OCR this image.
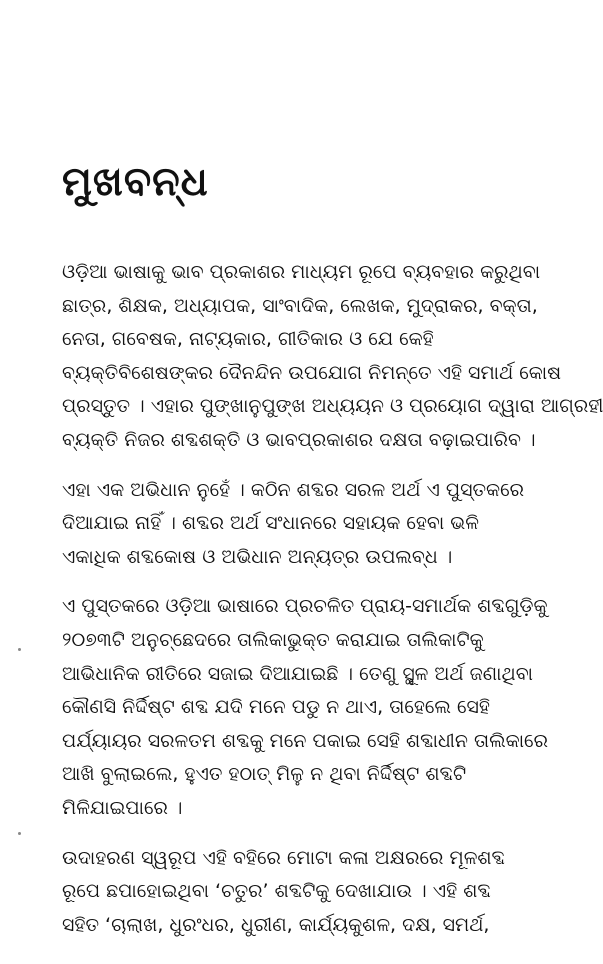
ମୁଖବନ୍ଧ

ଓଡ଼ିଆ ଭାଷାକୁ ଭାବ ପ୍ରକାଶର ମାଧ୍ୟମ ରୂପେ ବ୍ୟବହାର କରୁଥିବା
ଛାତ୍ର, ଶିକ୍ଷକ, ଅଧ୍ୟାପକ, ସାଂବାଦିକ, ଲେଖକ, ମୁଦ୍ରାକର, ବକ୍ତା,
ନେତା, ଗବେଷକ, ନାଟ୍ୟକାର, ଗୀତିକାର ଓ ଯେ କେହି
ବ୍ୟକ୍ତିବିଶେଷଙ୍କର ଦୈନନ୍ଦିନ ଉପଯୋଗ ନିମନ୍ତେ ଏହି ସମାର୍ଥ କୋଷ
ପ୍ରସ୍ତୁତ । ଏହାର ପୁଙ୍ଖାନୁପୁଙ୍ଖ ଅଧ୍ୟୟନ ଓ ପ୍ରୟୋଗ ଦ୍ୱାରା ଆଗ୍ରହୀ
ବ୍ୟକ୍ତି ନିଜର ଶବ୍ଦଶକ୍ତି ଓ ଭାବପ୍ରକାଶର ଦକ୍ଷତା ବଢ଼ାଇପାରିବ ।

ଏହା ଏକ ଅଭିଧାନ ନୁହେଁ । କଠିନ ଶବ୍ଦର ସରଳ ଅର୍ଥ ଏ ପୁସ୍ତକରେ
ଦିଆଯାଇ ନାହିଁ । ଶବ୍ଦର ଅର୍ଥ ସଂଧାନରେ ସହାୟକ ହେବା ଭଳି
ଏକାଧିକ ଶବ୍ଦକୋଷ ଓ ଅଭିଧାନ ଅନ୍ୟତ୍ର ଉପଲବ୍ଧ ।

ଏ ପୁସ୍ତକରେ ଓଡ଼ିଆ ଭାଷାରେ ପ୍ରଚଳିତ ପ୍ରାୟ-ସମାର୍ଥକ ଶବ୍ଦଗୁଡ଼ିକୁ
୨୦୭୩ଟି ଅନୁଚ୍ଛେଦରେ ତାଲିକାଭୁକ୍ତ କରାଯାଇ ତାଲିକାଟିକୁ
ଆଭିଧାନିକ ରୀତିରେ ସଜାଇ ଦିଆଯାଇଛି । ତେଣୁ ସ୍ଥୂଳ ଅର୍ଥ ଜଣାଥିବା
କୌଣସି ନିର୍ଦ୍ଦିଷ୍ଟ ଶବ୍ଦ ଯଦି ମନେ ପଡୁ ନ ଥାଏ, ତାହେଲେ ସେହି
ପର୍ଯ୍ୟାୟର ସରଳତମ ଶବ୍ଦକୁ ମନେ ପକାଇ ସେହି ଶବ୍ଦାଧୀନ ତାଲିକାରେ
ଆଖି ବୁଲାଇଲେ, ହୁଏତ ହଠାତ୍ ମିଳୁ ନ ଥିବା ନିର୍ଦ୍ଦିଷ୍ଟ ଶବ୍ଦଟି
ମିଳିଯାଇପାରେ ।

ଉଦାହରଣ ସ୍ୱରୂପ ଏହି ବହିରେ ମୋଟା କଳା ଅକ୍ଷରରେ ମୂଳଶବ୍ଦ
ରୂପେ ଛପାହୋଇଥିବା ‘ଚତୁର’ ଶବ୍ଦଟିକୁ ଦେଖାଯାଉ । ଏହି ଶବ୍ଦ
ସହିତ ‘ଚାଲାଖ, ଧୁରଂଧର, ଧୁରୀଣ, କାର୍ଯ୍ୟକୁଶଳ, ଦକ୍ଷ, ସମର୍ଥ,
